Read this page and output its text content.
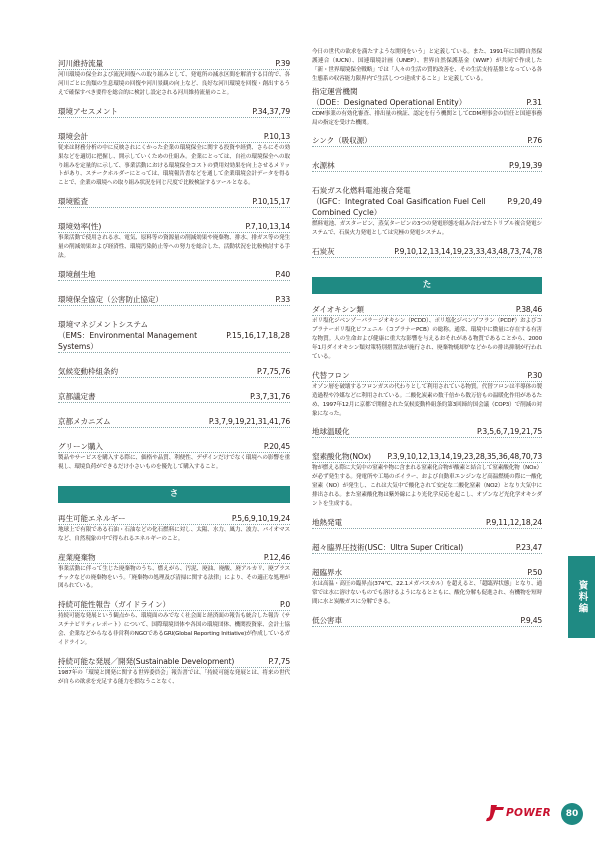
河川維持流量	P.39
河川環境の保全および流況回復への取り組みとして、発電所の減水区間を解消する目的で、各河川ごとに魚類の生息環境の回復や河川景観の向上など、良好な河川環境を回復・創出するうえで確保すべき要件を総合的に検討し設定される河川維持流量のこと。
環境アセスメント	P.34,37,79
環境会計	P.10,13
従来は財務分析の中に反映されにくかった企業の環境保全に関する投資や経費、さらにその効果などを適切に把握し、開示していくための仕組み。企業にとっては、自社の環境保全への取り組みを定量的に示して、事業活動における環境保全コストの費用対効果を向上させるメリットがあり、ステークホルダーにとっては、環境報告書などを通して企業環境会計データを得ることで、企業の環境への取り組み状況を同じ尺度で比較検証するツールとなる。
環境監査	P.10,15,17
環境効率(性)	P.7,10,13,14
事業活動で使用される水、電気、原料等の資源量の削減効果や廃棄物、排水、排ガス等の発生量の削減効果および経済性、環境汚染防止等への努力を総合した、活動状況を比較検討する手法。
環境創生地	P.40
環境保全協定（公害防止協定）	P.33
環境マネジメントシステム
（EMS：Environmental Management Systems）
P.15,16,17,18,28
気候変動枠組条約	P.7,75,76
京都議定書	P.3,7,31,76
京都メカニズム	P.3,7,9,19,21,31,41,76
グリーン購入	P.20,45
製品やサービスを購入する際に、価格や品質、利便性、デザインだけでなく環境への影響を重視し、環境負荷ができるだけ小さいものを優先して購入すること。
さ
再生可能エネルギー	P.5,6,9,10,19,24
地球上で有限である石油・石油などの化石燃料に対し、太陽、水力、風力、波力、バイオマスなど、自然現象の中で得られるエネルギーのこと。
産業廃棄物	P.12,46
事業活動に伴って生じた廃棄物のうち、燃えがら、汚泥、廃油、廃酸、廃アルカリ、廃プラスチックなどの廃棄物をいう。「廃棄物の処理及び清掃に関する法律」により、その適正な処理が図られている。
持続可能性報告（ガイドライン）	P.0
持続可能な発展という観点から、環境面のみでなく社会面と経済面の報告も統合した報告（サステナビリティレポート）について、国際環境団体や各国の環境団体、機関投資家、会計士協会、企業などからなる非営利のNGOであるGRI(Global Reporting Initiative)が作成しているガイドライン。
持続可能な発展／開発(Sustainable Development)	P.7,75
1987年の「環境と開発に関する世界委員会」報告書では、「持続可能な発展とは、将来の世代が自らの欲求を充足する能力を損なうことなく、
今日の世代の欲求を満たすような開発をいう」と定義している。また、1991年に国際自然保護連合（IUCN）、国連環境計画（UNEP）、世界自然保護基金（WWF）が共同で作成した「新・世界環境保全戦略」では「人々の生活の質的改善を、その生活支持基盤となっている各生態系の収容能力限界内で生活しつつ達成すること」と定義している。
指定運営機関
（DOE：Designated Operational Entity）	P.31
CDM事業の有効化審査、排出量の検証、認定を行う機関としてCDM理事会の信任と国連事務局の指定を受けた機関。
シンク（吸収源）	P.76
水源林	P.9,19,39
石炭ガス化燃料電池複合発電
（IGFC：Integrated Coal Gasification Fuel Cell Combined Cycle）
P.9,20,49
燃料電池、ガスタービン、蒸気タービンの3つの発電形態を組み合わせたトリプル複合発電システムで、石炭火力発電としては究極の発電システム。
石炭灰	P.9,10,12,13,14,19,23,33,43,48,73,74,78
た
ダイオキシン類	P.38,46
ポリ塩化ジベンゾ－パラ－ジオキシン（PCDD）、ポリ塩化ジベンゾフラン（PCDF）およびコプラナーポリ塩化ビフェニル（コプラナーPCB）の総称。通常、環境中に微量に存在する有害な物質。人の生命および健康に重大な影響を与えるおそれがある物質であることから、2000年1月ダイオキシン類対策特別措置法が施行され、廃棄物焼却炉などからの排出抑制が行われている。
代替フロン	P.30
オゾン層を破壊するフロンガスの代わりとして利用されている物質。代替フロンは半導体の製造過程や冷媒などに利用されている。二酸化炭素の数千倍から数万倍もの温暖化作用があるため、1997年12月に京都で開催された気候変動枠組条約第3回締約国会議（COP3）で削減の対象になった。
地球温暖化	P.3,5,6,7,19,21,75
窒素酸化物(NOx) P.3,9,10,12,13,14,19,23,28,35,36,48,70,73
物が燃える際に大気中の窒素や物に含まれる窒素化合物が酸素と結合して窒素酸化物（NOx）が必ず発生する。発電所や工場のボイラー、および自動車エンジンなど高温燃焼の際に一酸化窒素（NO）が発生し、これは大気中で酸化されて安定な二酸化窒素（NO2）となり大気中に排出される。また窒素酸化物は紫外線により光化学反応を起こし、オゾンなど光化学オキシダントを生成する。
地熱発電	P.9,11,12,18,24
超々臨界圧技術(USC：Ultra Super Critical)	P.23,47
超臨界水	P.50
水は高温・高圧の臨界点(374℃、22.1メガパスカル）を超えると、「超臨界状態」となり、通常では水に溶けないものでも溶けるようになるとともに、酸化分解も促進され、有機物を短時間に水と炭酸ガスに分解できる。
低公害車	P.9,45
資料編
POWER	80
